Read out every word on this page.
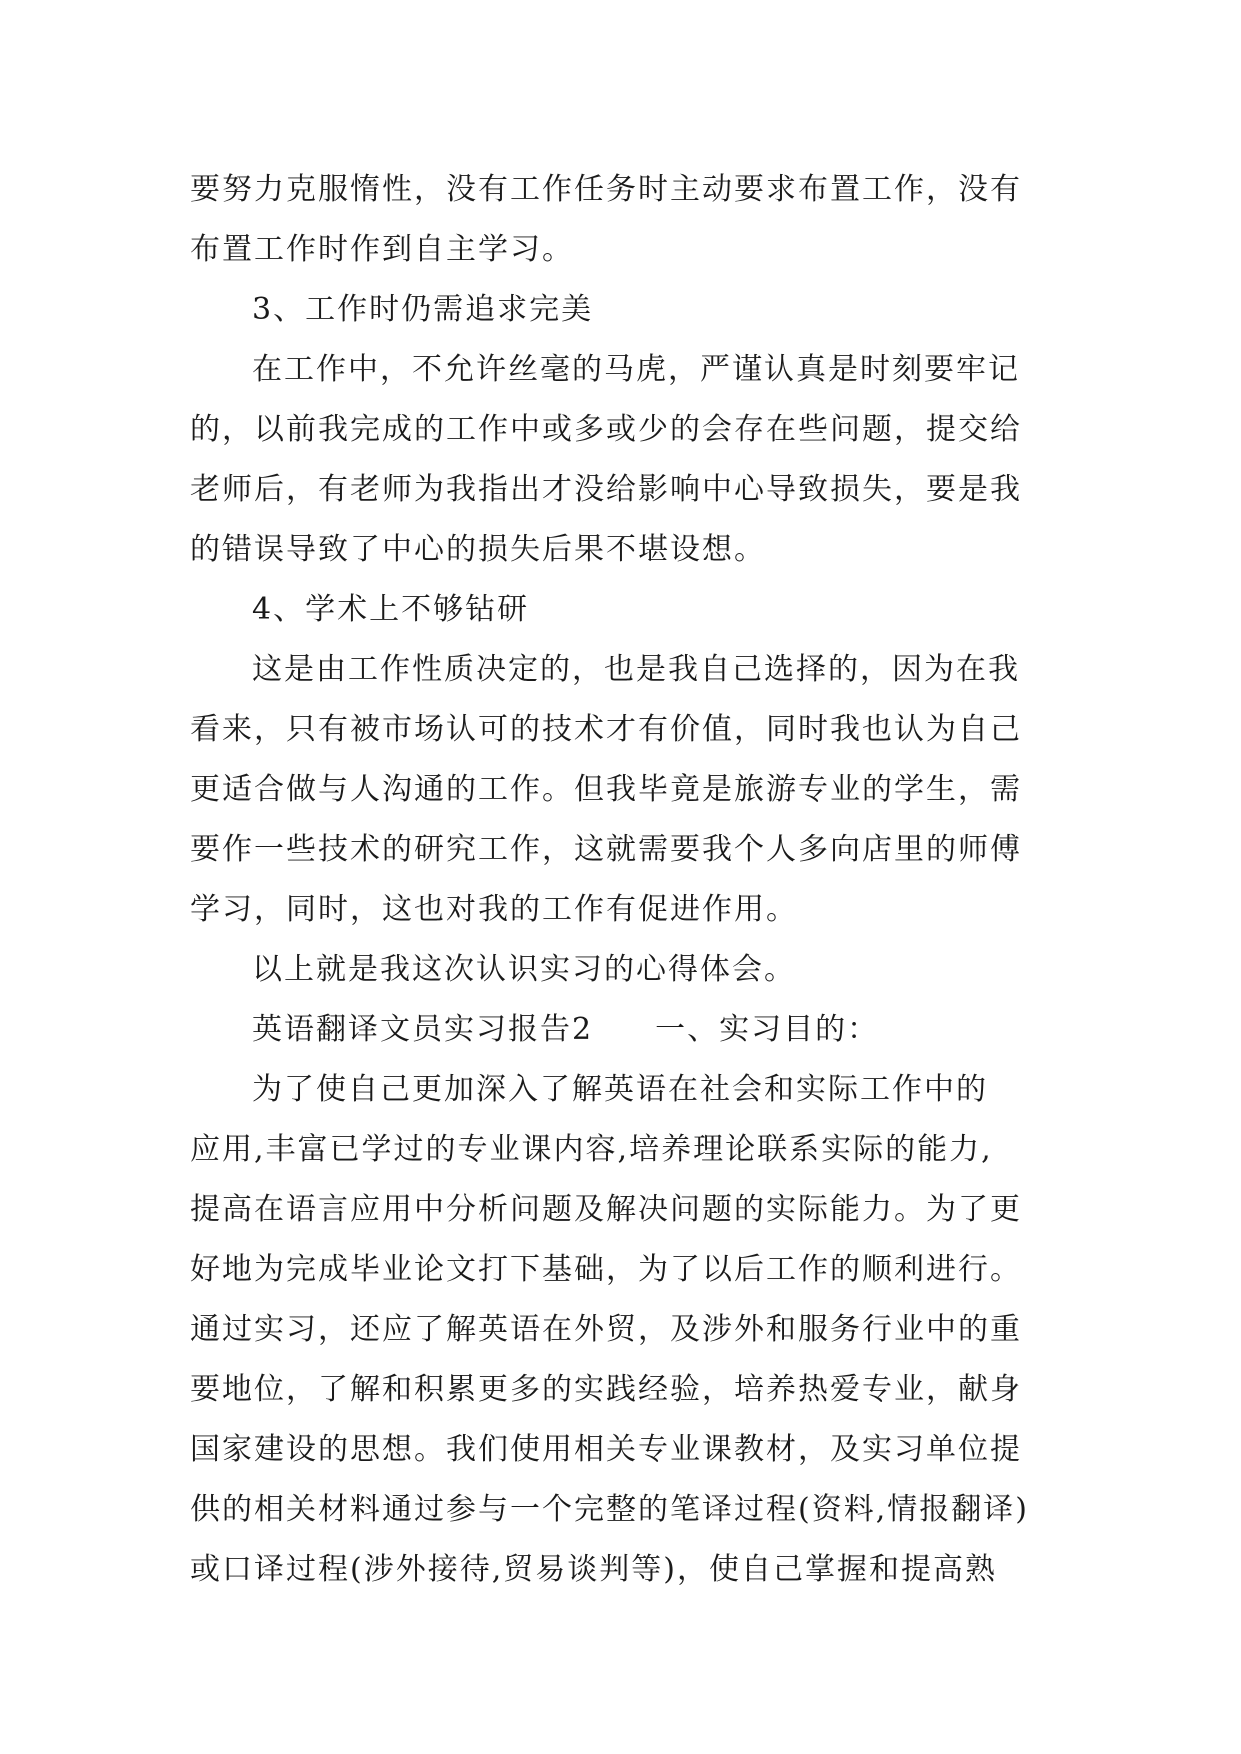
要努力克服惰性，没有工作任务时主动要求布置工作，没有
布置工作时作到自主学习。
3、工作时仍需追求完美
在工作中，不允许丝毫的马虎，严谨认真是时刻要牢记
的，以前我完成的工作中或多或少的会存在些问题，提交给
老师后，有老师为我指出才没给影响中心导致损失，要是我
的错误导致了中心的损失后果不堪设想。
4、学术上不够钻研
这是由工作性质决定的，也是我自己选择的，因为在我
看来，只有被市场认可的技术才有价值，同时我也认为自己
更适合做与人沟通的工作。但我毕竟是旅游专业的学生，需
要作一些技术的研究工作，这就需要我个人多向店里的师傅
学习，同时，这也对我的工作有促进作用。
以上就是我这次认识实习的心得体会。
英语翻译文员实习报告2 一、实习目的：
为了使自己更加深入了解英语在社会和实际工作中的
应用,丰富已学过的专业课内容,培养理论联系实际的能力,
提高在语言应用中分析问题及解决问题的实际能力。为了更
好地为完成毕业论文打下基础，为了以后工作的顺利进行。
通过实习，还应了解英语在外贸，及涉外和服务行业中的重
要地位，了解和积累更多的实践经验，培养热爱专业，献身
国家建设的思想。我们使用相关专业课教材，及实习单位提
供的相关材料通过参与一个完整的笔译过程(资料,情报翻译)
或口译过程(涉外接待,贸易谈判等)，使自己掌握和提高熟
